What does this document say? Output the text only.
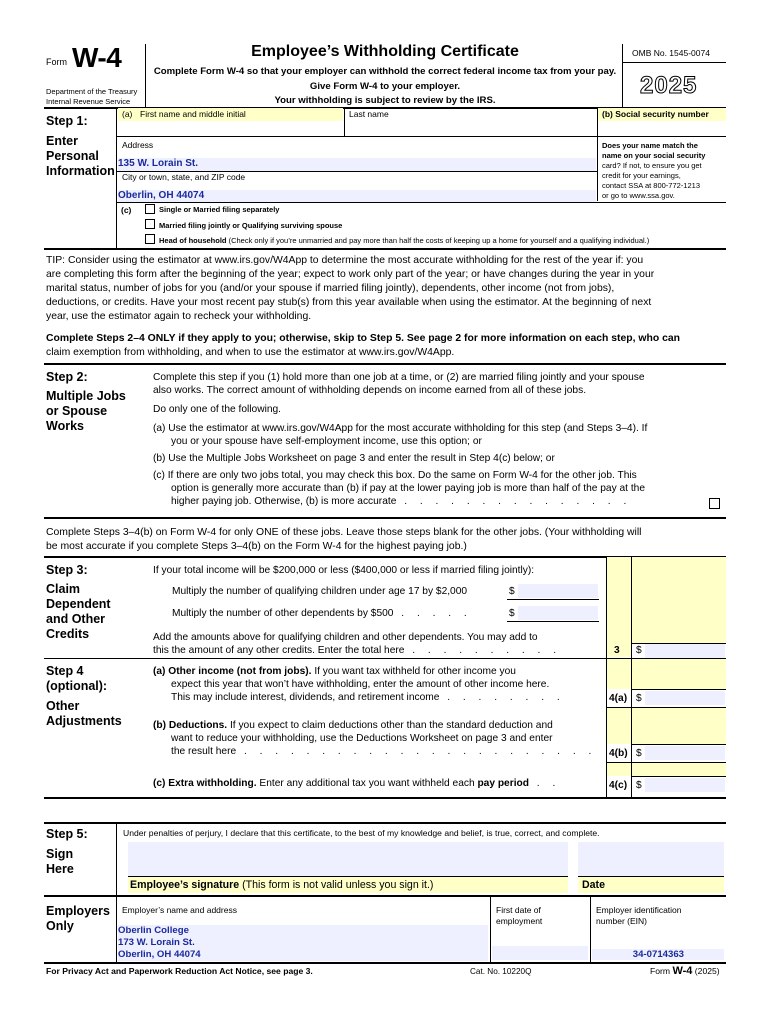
Form W-4
Department of the Treasury
Internal Revenue Service
Employee’s Withholding Certificate
Complete Form W-4 so that your employer can withhold the correct federal income tax from your pay.
Give Form W-4 to your employer.
Your withholding is subject to review by the IRS.
OMB No. 1545-0074
2025
Step 1:
Enter
Personal
Information
(a) First name and middle initial	Last name	(b) Social security number
Address
135 W. Lorain St.
City or town, state, and ZIP code
Oberlin, OH 44074
Does your name match the
name on your social security
card? If not, to ensure you get
credit for your earnings,
contact SSA at 800-772-1213
or go to www.ssa.gov.
(c)	Single or Married filing separately
Married filing jointly or Qualifying surviving spouse
Head of household (Check only if you’re unmarried and pay more than half the costs of keeping up a home for yourself and a qualifying individual.)
TIP: Consider using the estimator at www.irs.gov/W4App to determine the most accurate withholding for the rest of the year if: you
are completing this form after the beginning of the year; expect to work only part of the year; or have changes during the year in your
marital status, number of jobs for you (and/or your spouse if married filing jointly), dependents, other income (not from jobs),
deductions, or credits. Have your most recent pay stub(s) from this year available when using the estimator. At the beginning of next
year, use the estimator again to recheck your withholding.
Complete Steps 2–4 ONLY if they apply to you; otherwise, skip to Step 5. See page 2 for more information on each step, who can
claim exemption from withholding, and when to use the estimator at www.irs.gov/W4App.
Step 2:
Multiple Jobs
or Spouse
Works
Complete this step if you (1) hold more than one job at a time, or (2) are married filing jointly and your spouse
also works. The correct amount of withholding depends on income earned from all of these jobs.
Do only one of the following.
(a) Use the estimator at www.irs.gov/W4App for the most accurate withholding for this step (and Steps 3–4). If
you or your spouse have self-employment income, use this option; or
(b) Use the Multiple Jobs Worksheet on page 3 and enter the result in Step 4(c) below; or
(c) If there are only two jobs total, you may check this box. Do the same on Form W-4 for the other job. This
option is generally more accurate than (b) if pay at the lower paying job is more than half of the pay at the
higher paying job. Otherwise, (b) is more accurate . . . . . . . . . . . . . . .
Complete Steps 3–4(b) on Form W-4 for only ONE of these jobs. Leave those steps blank for the other jobs. (Your withholding will
be most accurate if you complete Steps 3–4(b) on the Form W-4 for the highest paying job.)
Step 3:
Claim
Dependent
and Other
Credits
If your total income will be $200,000 or less ($400,000 or less if married filing jointly):
Multiply the number of qualifying children under age 17 by $2,000	$
Multiply the number of other dependents by $500 . . . . .	$
Add the amounts above for qualifying children and other dependents. You may add to
this the amount of any other credits. Enter the total here . . . . . . . . . .	3 $
Step 4
(optional):
Other
Adjustments
(a) Other income (not from jobs). If you want tax withheld for other income you
expect this year that won’t have withholding, enter the amount of other income here.
This may include interest, dividends, and retirement income . . . . . . . .	4(a) $
(b) Deductions. If you expect to claim deductions other than the standard deduction and
want to reduce your withholding, use the Deductions Worksheet on page 3 and enter
the result here . . . . . . . . . . . . . . . . . . . . . . . 4(b) $
(c) Extra withholding. Enter any additional tax you want withheld each pay period . .	4(c) $
Step 5:
Sign
Here
Under penalties of perjury, I declare that this certificate, to the best of my knowledge and belief, is true, correct, and complete.
Employee’s signature (This form is not valid unless you sign it.)	Date
Employers
Only
Employer’s name and address
Oberlin College
173 W. Lorain St.
Oberlin, OH 44074
First date of
employment
Employer identification
number (EIN)
34-0714363
For Privacy Act and Paperwork Reduction Act Notice, see page 3.	Cat. No. 10220Q	Form W-4 (2025)
